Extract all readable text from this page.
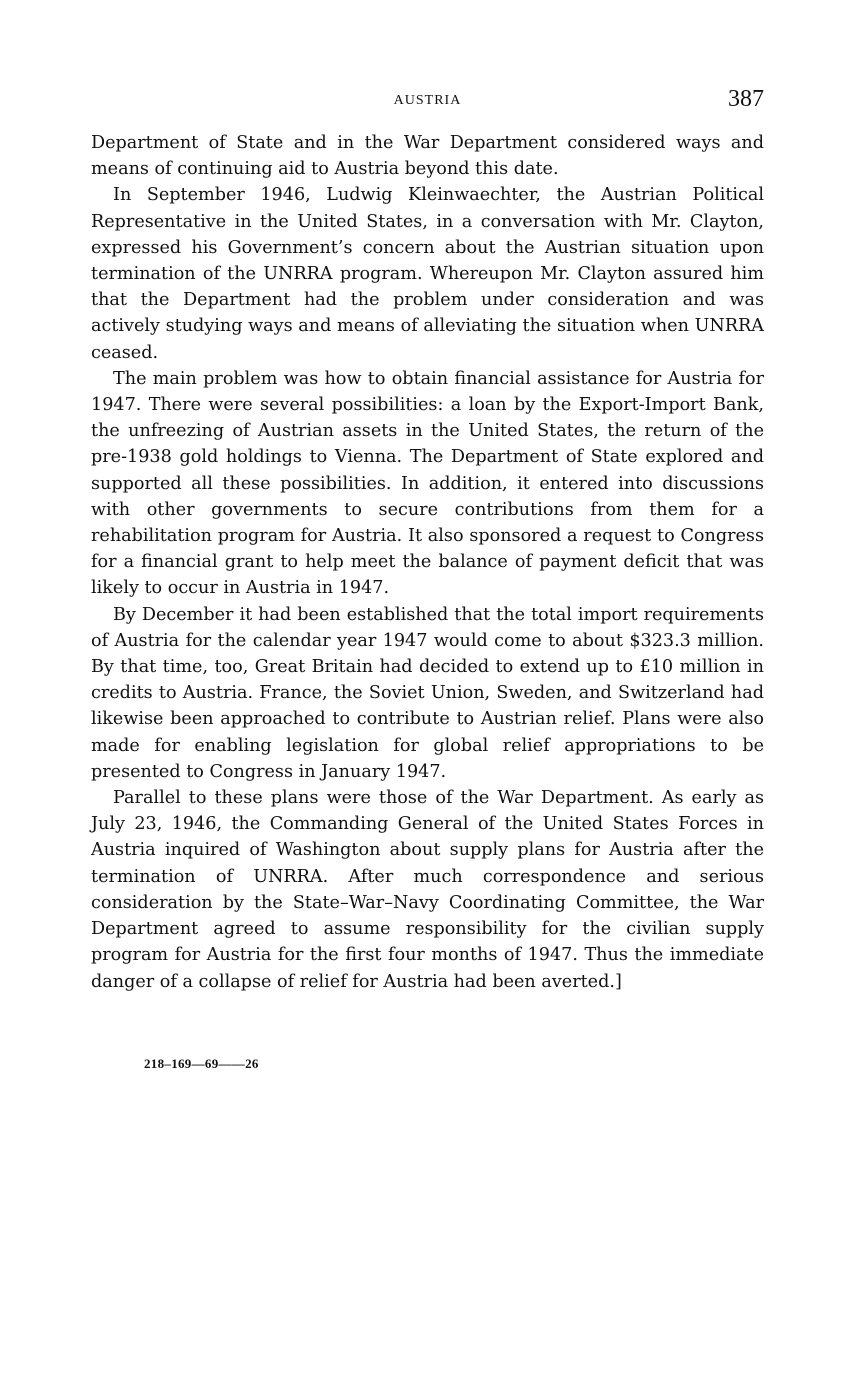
AUSTRIA	387

Department of State and in the War Department considered ways and means of continuing aid to Austria beyond this date.

In September 1946, Ludwig Kleinwaechter, the Austrian Political Representative in the United States, in a conversation with Mr. Clayton, expressed his Government’s concern about the Austrian situation upon termination of the UNRRA program. Whereupon Mr. Clayton assured him that the Department had the problem under consideration and was actively studying ways and means of alleviating the situation when UNRRA ceased.

The main problem was how to obtain financial assistance for Austria for 1947. There were several possibilities: a loan by the Export-Import Bank, the unfreezing of Austrian assets in the United States, the return of the pre-1938 gold holdings to Vienna. The Department of State explored and supported all these possibilities. In addition, it entered into discussions with other governments to secure contributions from them for a rehabilitation program for Austria. It also sponsored a request to Congress for a financial grant to help meet the balance of payment deficit that was likely to occur in Austria in 1947.

By December it had been established that the total import requirements of Austria for the calendar year 1947 would come to about $323.3 million. By that time, too, Great Britain had decided to extend up to £10 million in credits to Austria. France, the Soviet Union, Sweden, and Switzerland had likewise been approached to contribute to Austrian relief. Plans were also made for enabling legislation for global relief appropriations to be presented to Congress in January 1947.

Parallel to these plans were those of the War Department. As early as July 23, 1946, the Commanding General of the United States Forces in Austria inquired of Washington about supply plans for Austria after the termination of UNRRA. After much correspondence and serious consideration by the State–War–Navy Coordinating Committee, the War Department agreed to assume responsibility for the civilian supply program for Austria for the first four months of 1947. Thus the immediate danger of a collapse of relief for Austria had been averted.]

218–169—69——26
